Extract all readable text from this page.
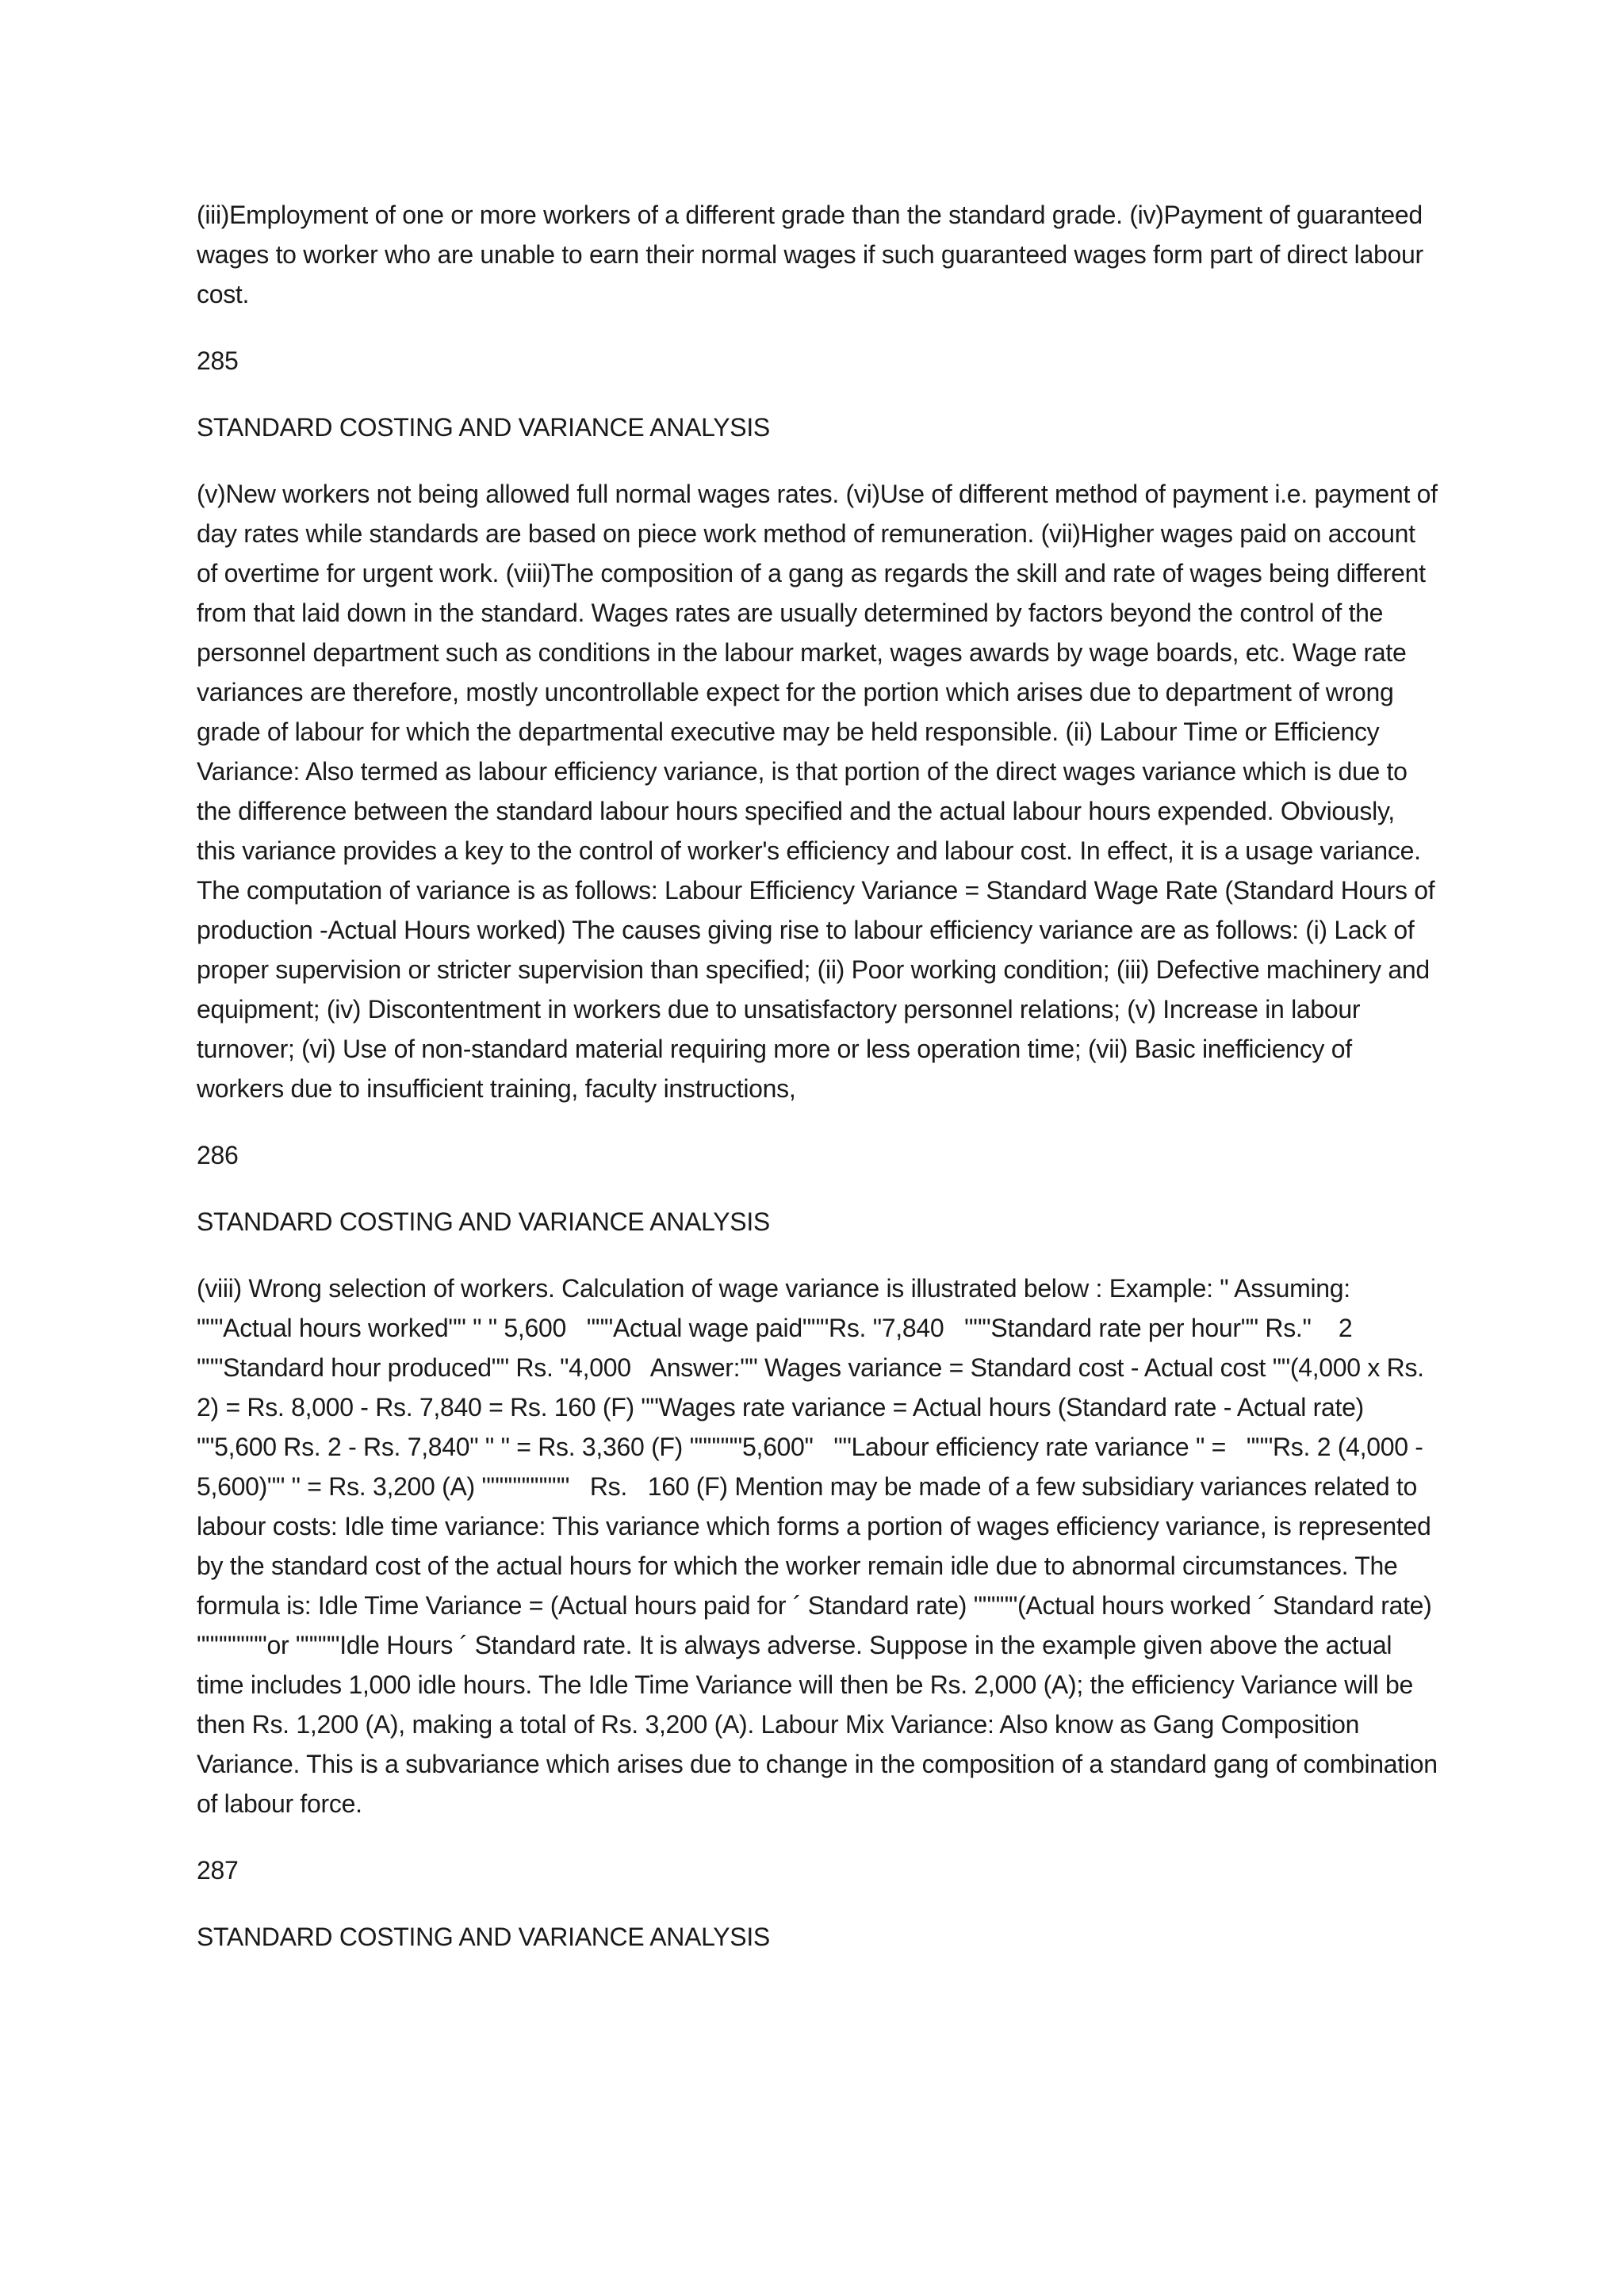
(iii)Employment of one or more workers of a different grade than the standard grade. (iv)Payment of guaranteed wages to worker who are unable to earn their normal wages if such guaranteed wages form part of direct labour cost.

285

STANDARD COSTING AND VARIANCE ANALYSIS

(v)New workers not being allowed full normal wages rates. (vi)Use of different method of payment i.e. payment of day rates while standards are based on piece work method of remuneration. (vii)Higher wages paid on account of overtime for urgent work. (viii)The composition of a gang as regards the skill and rate of wages being different from that laid down in the standard. Wages rates are usually determined by factors beyond the control of the personnel department such as conditions in the labour market, wages awards by wage boards, etc. Wage rate variances are therefore, mostly uncontrollable expect for the portion which arises due to department of wrong grade of labour for which the departmental executive may be held responsible. (ii) Labour Time or Efficiency Variance: Also termed as labour efficiency variance, is that portion of the direct wages variance which is due to the difference between the standard labour hours specified and the actual labour hours expended. Obviously, this variance provides a key to the control of worker's efficiency and labour cost. In effect, it is a usage variance. The computation of variance is as follows: Labour Efficiency Variance = Standard Wage Rate (Standard Hours of production -Actual Hours worked) The causes giving rise to labour efficiency variance are as follows: (i) Lack of proper supervision or stricter supervision than specified; (ii) Poor working condition; (iii) Defective machinery and equipment; (iv) Discontentment in workers due to unsatisfactory personnel relations; (v) Increase in labour turnover; (vi) Use of non-standard material requiring more or less operation time; (vii) Basic inefficiency of workers due to insufficient training, faculty instructions,

286

STANDARD COSTING AND VARIANCE ANALYSIS

(viii) Wrong selection of workers. Calculation of wage variance is illustrated below : Example: " Assuming:   """Actual hours worked"" " " 5,600   """Actual wage paid"""Rs. "7,840   """Standard rate per hour"" Rs."    2   """Standard hour produced"" Rs. "4,000   Answer:"" Wages variance = Standard cost - Actual cost ""(4,000 x Rs. 2) = Rs. 8,000 - Rs. 7,840 = Rs. 160 (F) ""Wages rate variance = Actual hours (Standard rate - Actual rate)   ""5,600 Rs. 2 - Rs. 7,840" " " = Rs. 3,360 (F) """"""5,600"   ""Labour efficiency rate variance " =   """Rs. 2 (4,000 - 5,600)"" " = Rs. 3,200 (A) """"""""""   Rs.   160 (F) Mention may be made of a few subsidiary variances related to labour costs: Idle time variance: This variance which forms a portion of wages efficiency variance, is represented by the standard cost of the actual hours for which the worker remain idle due to abnormal circumstances. The formula is: Idle Time Variance = (Actual hours paid for ´ Standard rate) """""(Actual hours worked ´ Standard rate) """"""""or """""Idle Hours ´ Standard rate. It is always adverse. Suppose in the example given above the actual time includes 1,000 idle hours. The Idle Time Variance will then be Rs. 2,000 (A); the efficiency Variance will be then Rs. 1,200 (A), making a total of Rs. 3,200 (A). Labour Mix Variance: Also know as Gang Composition Variance. This is a subvariance which arises due to change in the composition of a standard gang of combination of labour force.

287

STANDARD COSTING AND VARIANCE ANALYSIS
